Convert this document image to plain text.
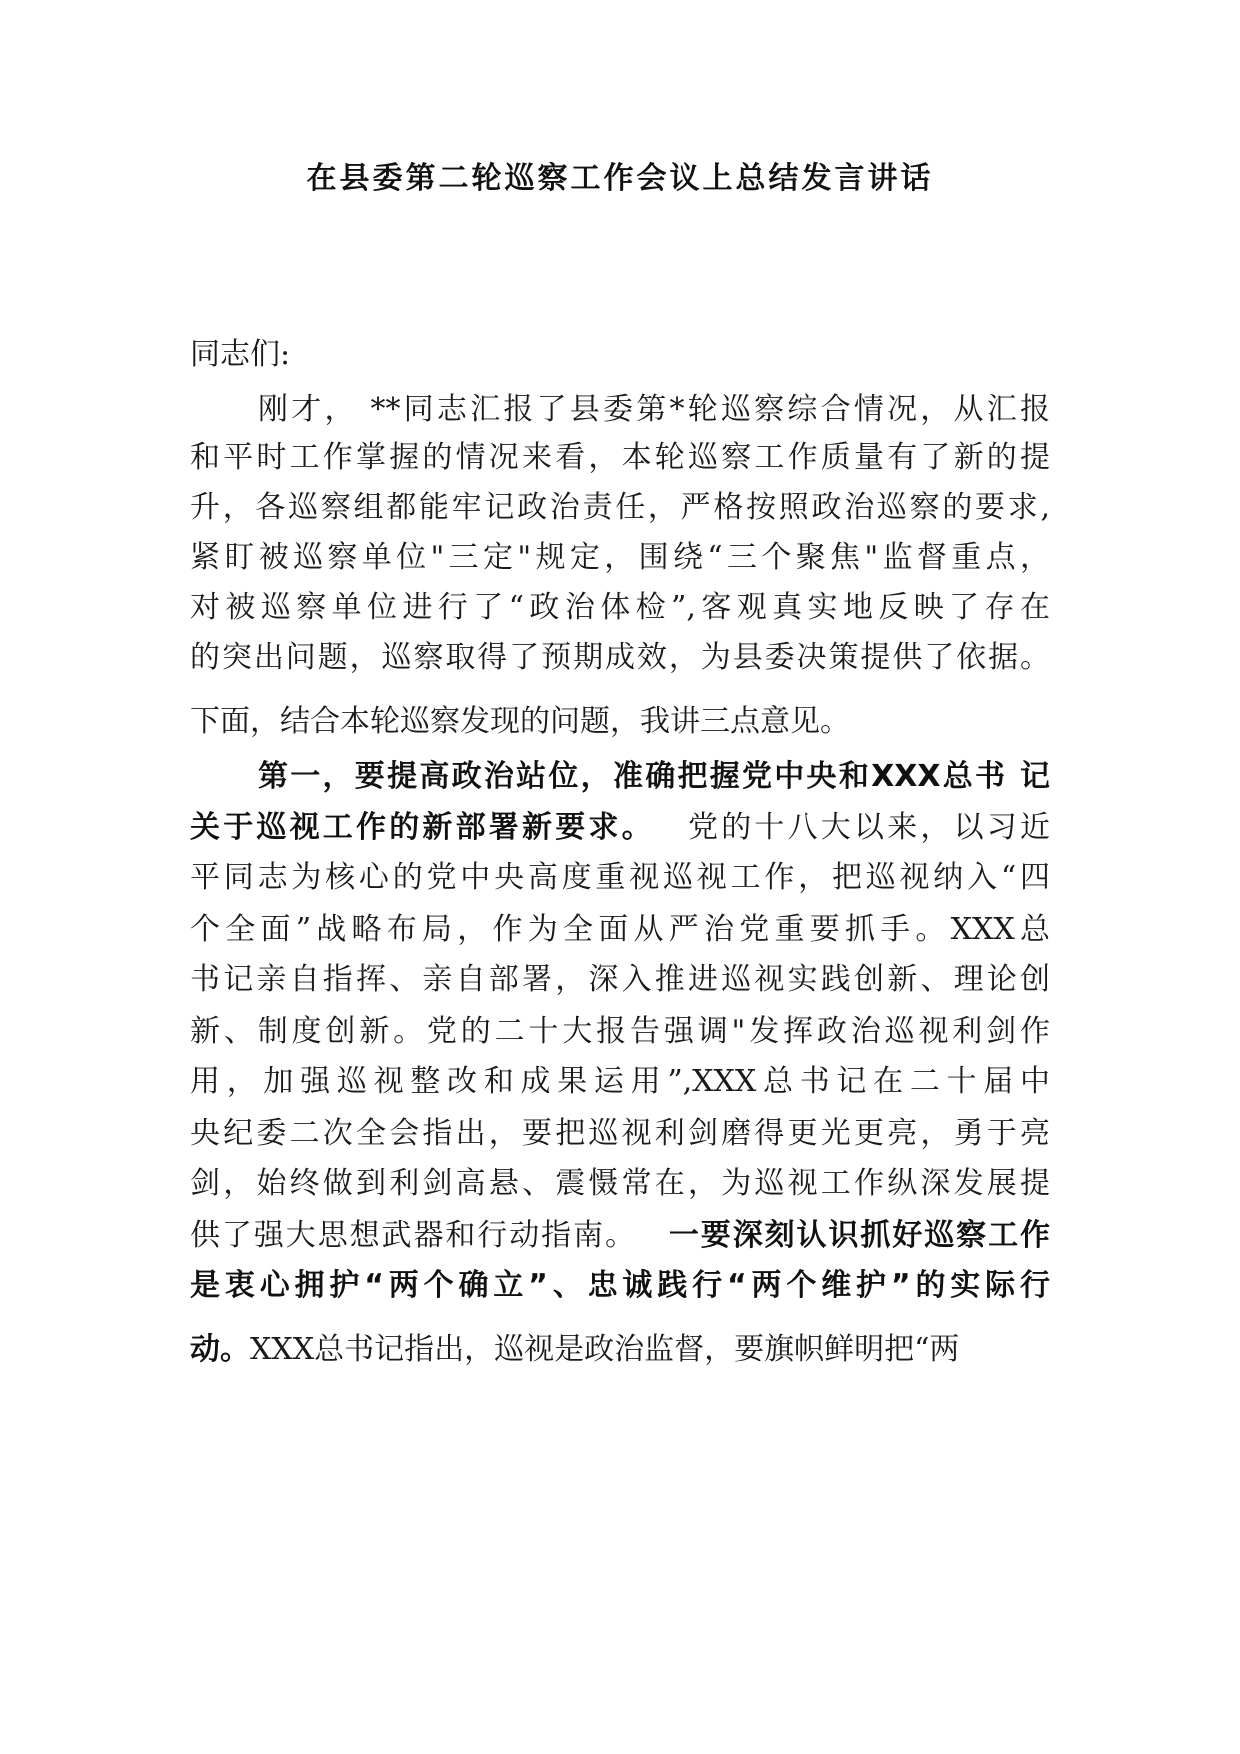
在县委第二轮巡察工作会议上总结发言讲话
同志们:
刚才， **同志汇报了县委第*轮巡察综合情况，从汇报
和平时工作掌握的情况来看，本轮巡察工作质量有了新的提
升，各巡察组都能牢记政治责任，严格按照政治巡察的要求,
紧盯被巡察单位"三定"规定，围绕“三个聚焦"监督重点，
对被巡察单位进行了“政治体检”,客观真实地反映了存在
的突出问题，巡察取得了预期成效，为县委决策提供了依据。
下面，结合本轮巡察发现的问题，我讲三点意见。
第一，要提高政治站位，准确把握党中央和XXX总书 记
关于巡视工作的新部署新要求。  党的十八大以来，以习近
平同志为核心的党中央高度重视巡视工作，把巡视纳入“四
个全面”战略布局，作为全面从严治党重要抓手。XXX总
书记亲自指挥、亲自部署，深入推进巡视实践创新、理论创
新、制度创新。党的二十大报告强调"发挥政治巡视利剑作
用，加强巡视整改和成果运用”,XXX总书记在二十届中
央纪委二次全会指出，要把巡视利剑磨得更光更亮，勇于亮
剑，始终做到利剑高悬、震慑常在，为巡视工作纵深发展提
供了强大思想武器和行动指南。  一要深刻认识抓好巡察工作
是衷心拥护“两个确立”、忠诚践行“两个维护”的实际行
动。XXX总书记指出，巡视是政治监督，要旗帜鲜明把“两
